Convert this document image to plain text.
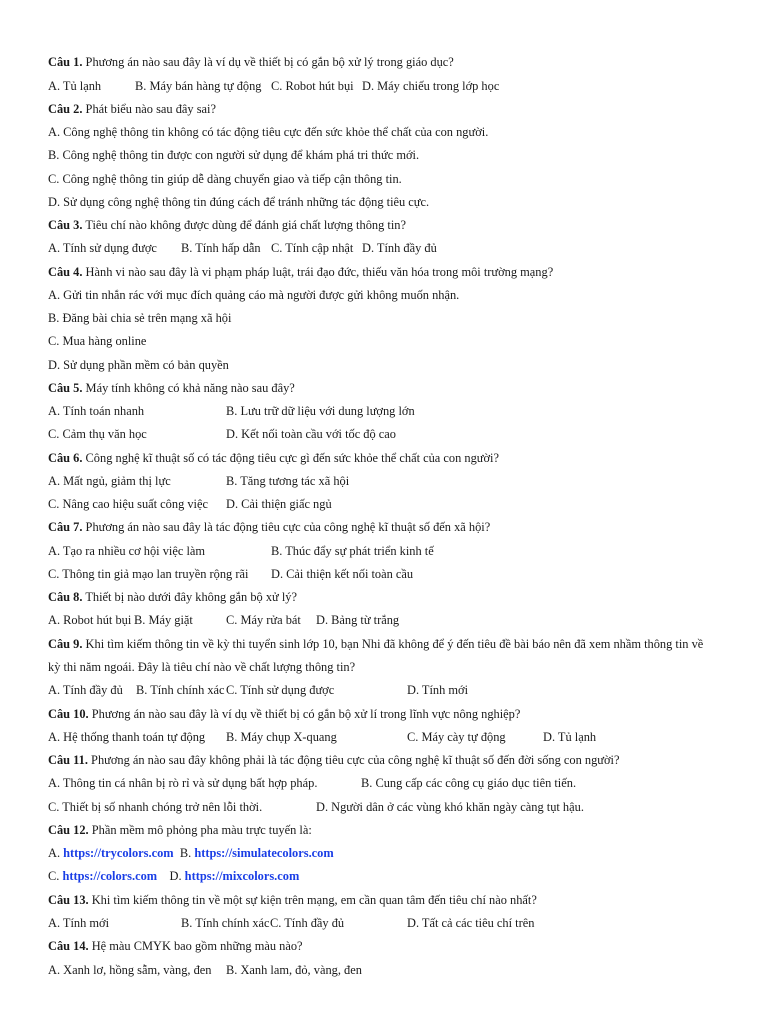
Câu 1. Phương án nào sau đây là ví dụ về thiết bị có gắn bộ xử lý trong giáo dục?
A. Tủ lạnh	B. Máy bán hàng tự động C. Robot hút bụi D. Máy chiếu trong lớp học
Câu 2. Phát biểu nào sau đây sai?
A. Công nghệ thông tin không có tác động tiêu cực đến sức khỏe thể chất của con người.
B. Công nghệ thông tin được con người sử dụng để khám phá tri thức mới.
C. Công nghệ thông tin giúp dễ dàng chuyển giao và tiếp cận thông tin.
D. Sử dụng công nghệ thông tin đúng cách để tránh những tác động tiêu cực.
Câu 3. Tiêu chí nào không được dùng để đánh giá chất lượng thông tin?
A. Tính sử dụng được B. Tính hấp dẫn C. Tính cập nhật D. Tính đầy đủ
Câu 4. Hành vi nào sau đây là vi phạm pháp luật, trái đạo đức, thiếu văn hóa trong môi trường mạng?
A. Gửi tin nhắn rác với mục đích quảng cáo mà người được gửi không muốn nhận.
B. Đăng bài chia sẻ trên mạng xã hội
C. Mua hàng online
D. Sử dụng phần mềm có bản quyền
Câu 5. Máy tính không có khả năng nào sau đây?
A. Tính toán nhanh	B. Lưu trữ dữ liệu với dung lượng lớn
C. Cảm thụ văn học	D. Kết nối toàn cầu với tốc độ cao
Câu 6. Công nghệ kĩ thuật số có tác động tiêu cực gì đến sức khỏe thể chất của con người?
A. Mất ngủ, giảm thị lực	B. Tăng tương tác xã hội
C. Nâng cao hiệu suất công việc D. Cải thiện giấc ngủ
Câu 7. Phương án nào sau đây là tác động tiêu cực của công nghệ kĩ thuật số đến xã hội?
A. Tạo ra nhiều cơ hội việc làm	B. Thúc đẩy sự phát triển kinh tế
C. Thông tin giả mạo lan truyền rộng rãi D. Cải thiện kết nối toàn cầu
Câu 8. Thiết bị nào dưới đây không gắn bộ xử lý?
A. Robot hút bụi B. Máy giặt	C. Máy rửa bát D. Bảng từ trắng
Câu 9. Khi tìm kiếm thông tin về kỳ thi tuyển sinh lớp 10, bạn Nhi đã không để ý đến tiêu đề bài báo nên đã xem nhầm thông tin về
kỳ thi năm ngoái. Đây là tiêu chí nào về chất lượng thông tin?
A. Tính đầy đủ B. Tính chính xác C. Tính sử dụng được	D. Tính mới
Câu 10. Phương án nào sau đây là ví dụ về thiết bị có gắn bộ xử lí trong lĩnh vực nông nghiệp?
A. Hệ thống thanh toán tự động B. Máy chụp X-quang	C. Máy cày tự động	D. Tủ lạnh
Câu 11. Phương án nào sau đây không phải là tác động tiêu cực của công nghệ kĩ thuật số đến đời sống con người?
A. Thông tin cá nhân bị rò rỉ và sử dụng bất hợp pháp.	B. Cung cấp các công cụ giáo dục tiên tiến.
C. Thiết bị số nhanh chóng trở nên lỗi thời.	D. Người dân ở các vùng khó khăn ngày càng tụt hậu.
Câu 12. Phần mềm mô phỏng pha màu trực tuyến là:
A. https://trycolors.com B. https://simulatecolors.com
C. https://colors.com D. https://mixcolors.com
Câu 13. Khi tìm kiếm thông tin về một sự kiện trên mạng, em cần quan tâm đến tiêu chí nào nhất?
A. Tính mới	B. Tính chính xác C. Tính đầy đủ	D. Tất cả các tiêu chí trên
Câu 14. Hệ màu CMYK bao gồm những màu nào?
A. Xanh lơ, hồng sẫm, vàng, đen B. Xanh lam, đỏ, vàng, đen
